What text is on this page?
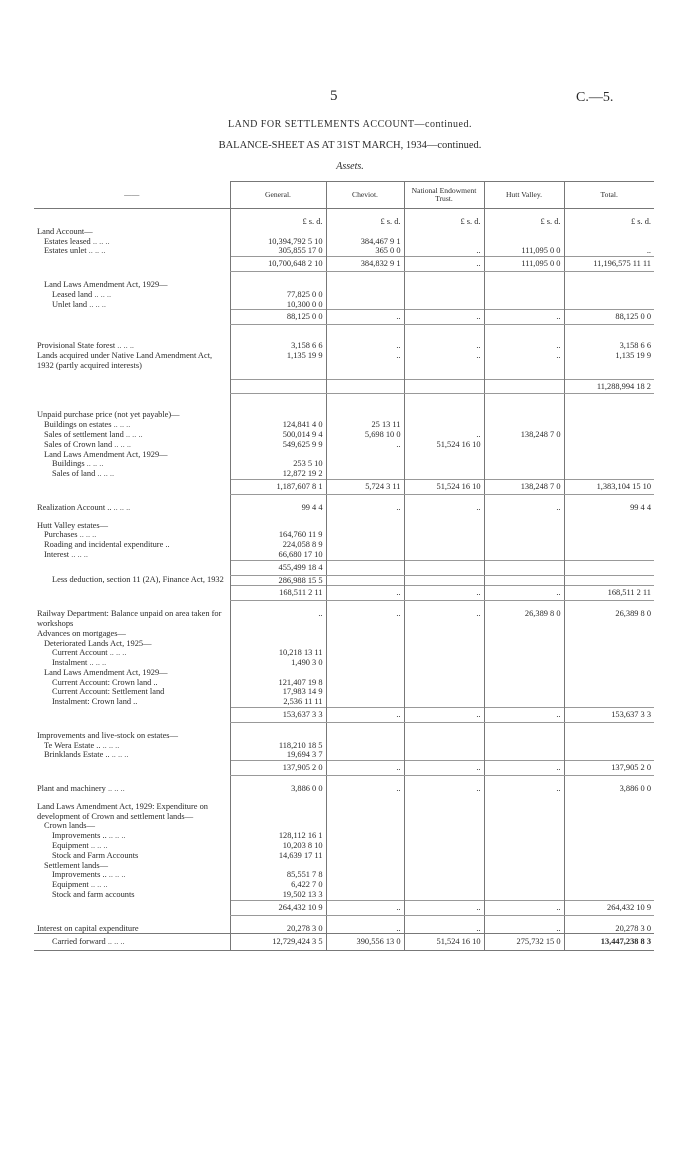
5	C.—5.
LAND FOR SETTLEMENTS ACCOUNT—continued.
BALANCE-SHEET AS AT 31ST MARCH, 1934—continued.
Assets.
——	General.	Cheviot.	National Endowment Trust.	Hutt Valley.	Total.

	£ s. d.	£ s. d.	£ s. d.	£ s. d.	£ s. d.
Land Account—					
Estates leased ..	10,394,792 5 10	384,467 9 1			
Estates unlet ..	305,855 17 0	365 0 0	..	111,095 0 0	..
	10,700,648 2 10	384,832 9 1	..	111,095 0 0	11,196,575 11 11

Land Laws Amendment Act, 1929—					
Leased land ..	77,825 0 0				
Unlet land ..	10,300 0 0				
	88,125 0 0	..	..	..	88,125 0 0

Provisional State forest ..	3,158 6 6	..	..	..	3,158 6 6
Lands acquired under Native Land Amendment Act, 1932 (partly acquired interests)	1,135 19 9	..	..	..	1,135 19 9

					11,288,994 18 2

Unpaid purchase price (not yet payable)—					
Buildings on estates ..	124,841 4 0	25 13 11			
Sales of settlement land ..	500,014 9 4	5,698 10 0	..	138,248 7 0	
Sales of Crown land ..	549,625 9 9	..	51,524 16 10		
Land Laws Amendment Act, 1929—					
Buildings ..	253 5 10				
Sales of land ..	12,872 19 2				
	1,187,607 8 1	5,724 3 11	51,524 16 10	138,248 7 0	1,383,104 15 10

Realization Account .. ..	99 4 4	..	..	..	99 4 4

Hutt Valley estates—					
Purchases ..	164,760 11 9				
Roading and incidental expenditure ..	224,058 8 9				
Interest ..	66,680 17 10				
	455,499 18 4				
Less deduction, section 11 (2A), Finance Act, 1932	286,988 15 5				
	168,511 2 11	..	..	..	168,511 2 11

Railway Department: Balance unpaid on area taken for workshops	..	..	..	26,389 8 0	26,389 8 0
Advances on mortgages—					
Deteriorated Lands Act, 1925—					
Current Account ..	10,218 13 11				
Instalment ..	1,490 3 0				
Land Laws Amendment Act, 1929—					
Current Account: Crown land ..	121,407 19 8				
Current Account: Settlement land	17,983 14 9				
Instalment: Crown land ..	2,536 11 11				
	153,637 3 3	..	..	..	153,637 3 3

Improvements and live-stock on estates—					
Te Wera Estate .. ..	118,210 18 5				
Brinklands Estate .. ..	19,694 3 7				
	137,905 2 0	..	..	..	137,905 2 0

Plant and machinery ..	3,886 0 0	..	..	..	3,886 0 0

Land Laws Amendment Act, 1929: Expenditure on development of Crown and settlement lands—					
Crown lands—					
Improvements .. ..	128,112 16 1				
Equipment ..	10,203 8 10				
Stock and Farm Accounts	14,639 17 11				
Settlement lands—					
Improvements .. ..	85,551 7 8				
Equipment ..	6,422 7 0				
Stock and farm accounts	19,502 13 3				
	264,432 10 9	..	..	..	264,432 10 9

Interest on capital expenditure	20,278 3 0	..	..	..	20,278 3 0
Carried forward ..	12,729,424 3 5	390,556 13 0	51,524 16 10	275,732 15 0	13,447,238 8 3
